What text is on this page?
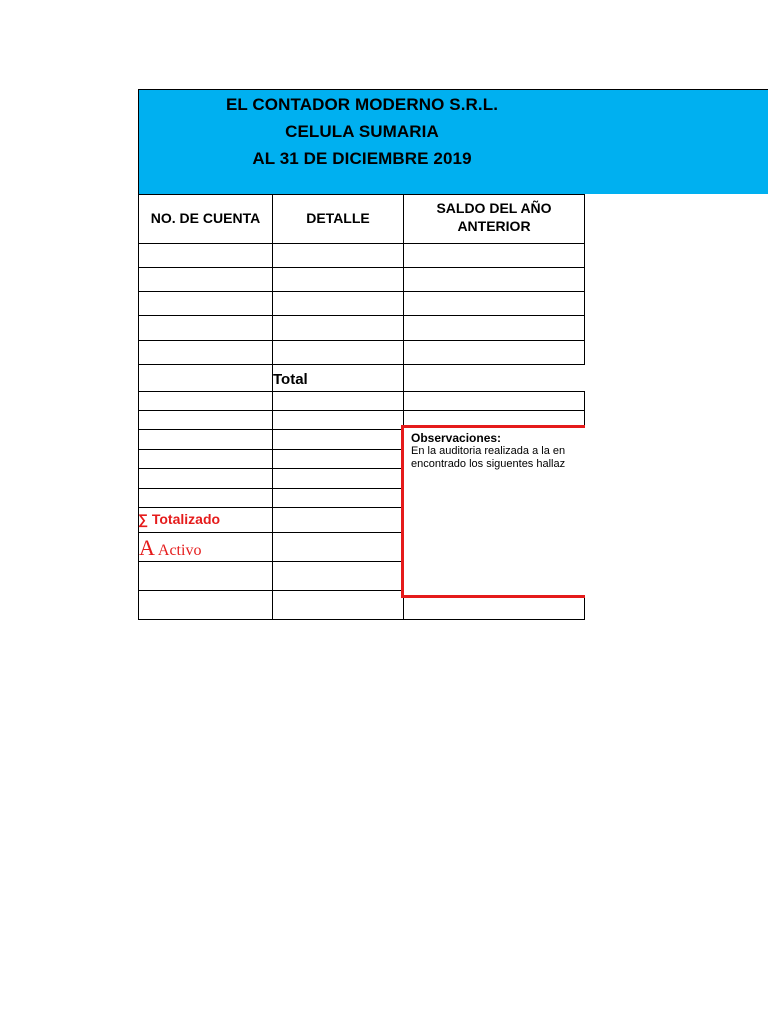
EL CONTADOR MODERNO S.R.L.
CELULA SUMARIA
AL 31 DE DICIEMBRE 2019
NO. DE CUENTA	DETALLE
SALDO DEL AÑO
ANTERIOR
Total
∑ Totalizado
A Activo
Observaciones:
En la auditoria realizada a la en
encontrado los siguentes hallaz
